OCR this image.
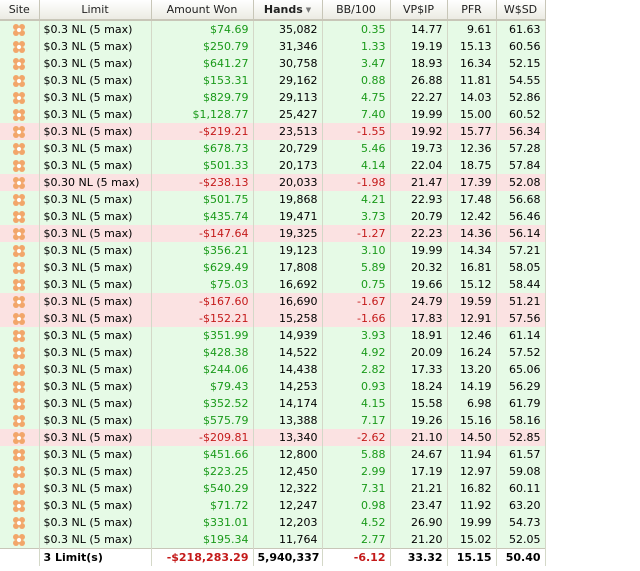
Site	Limit	Amount Won	Hands ▼	BB/100	VP$IP	PFR	W$SD

	$0.3 NL (5 max)	$74.69	35,082	0.35	14.77	9.61	61.63

	$0.3 NL (5 max)	$250.79	31,346	1.33	19.19	15.13	60.56

	$0.3 NL (5 max)	$641.27	30,758	3.47	18.93	16.34	52.15

	$0.3 NL (5 max)	$153.31	29,162	0.88	26.88	11.81	54.55

	$0.3 NL (5 max)	$829.79	29,113	4.75	22.27	14.03	52.86

	$0.3 NL (5 max)	$1,128.77	25,427	7.40	19.99	15.00	60.52

	$0.3 NL (5 max)	-$219.21	23,513	-1.55	19.92	15.77	56.34

	$0.3 NL (5 max)	$678.73	20,729	5.46	19.73	12.36	57.28

	$0.3 NL (5 max)	$501.33	20,173	4.14	22.04	18.75	57.84

	$0.30 NL (5 max)	-$238.13	20,033	-1.98	21.47	17.39	52.08

	$0.3 NL (5 max)	$501.75	19,868	4.21	22.93	17.48	56.68

	$0.3 NL (5 max)	$435.74	19,471	3.73	20.79	12.42	56.46

	$0.3 NL (5 max)	-$147.64	19,325	-1.27	22.23	14.36	56.14

	$0.3 NL (5 max)	$356.21	19,123	3.10	19.99	14.34	57.21

	$0.3 NL (5 max)	$629.49	17,808	5.89	20.32	16.81	58.05

	$0.3 NL (5 max)	$75.03	16,692	0.75	19.66	15.12	58.44

	$0.3 NL (5 max)	-$167.60	16,690	-1.67	24.79	19.59	51.21

	$0.3 NL (5 max)	-$152.21	15,258	-1.66	17.83	12.91	57.56

	$0.3 NL (5 max)	$351.99	14,939	3.93	18.91	12.46	61.14

	$0.3 NL (5 max)	$428.38	14,522	4.92	20.09	16.24	57.52

	$0.3 NL (5 max)	$244.06	14,438	2.82	17.33	13.20	65.06

	$0.3 NL (5 max)	$79.43	14,253	0.93	18.24	14.19	56.29

	$0.3 NL (5 max)	$352.52	14,174	4.15	15.58	6.98	61.79

	$0.3 NL (5 max)	$575.79	13,388	7.17	19.26	15.16	58.16

	$0.3 NL (5 max)	-$209.81	13,340	-2.62	21.10	14.50	52.85

	$0.3 NL (5 max)	$451.66	12,800	5.88	24.67	11.94	61.57

	$0.3 NL (5 max)	$223.25	12,450	2.99	17.19	12.97	59.08

	$0.3 NL (5 max)	$540.29	12,322	7.31	21.21	16.82	60.11

	$0.3 NL (5 max)	$71.72	12,247	0.98	23.47	11.92	63.20

	$0.3 NL (5 max)	$331.01	12,203	4.52	26.90	19.99	54.73

	$0.3 NL (5 max)	$195.34	11,764	2.77	21.20	15.02	52.05
	3 Limit(s)	-$218,283.29	5,940,337	-6.12	33.32	15.15	50.40
